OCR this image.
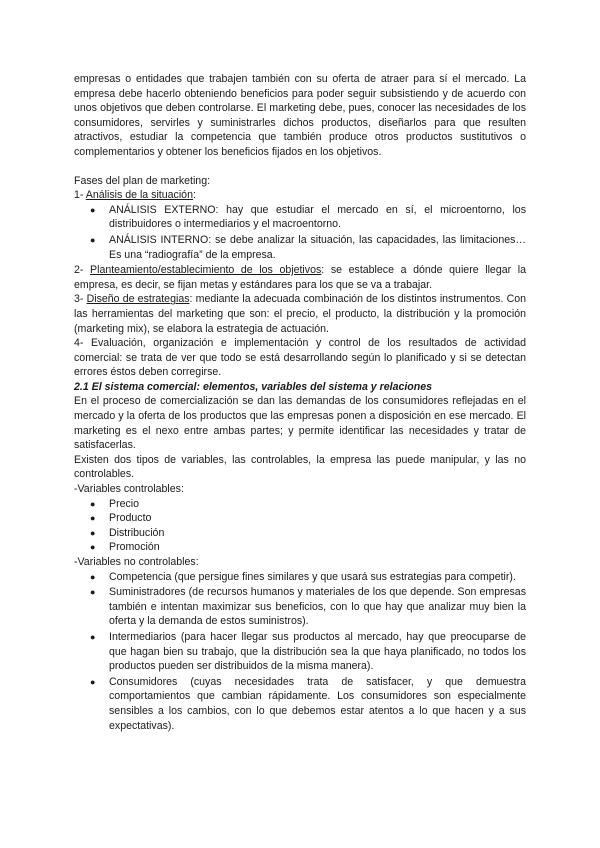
empresas o entidades que trabajen también con su oferta de atraer para sí el mercado. La empresa debe hacerlo obteniendo beneficios para poder seguir subsistiendo y de acuerdo con unos objetivos que deben controlarse. El marketing debe, pues, conocer las necesidades de los consumidores, servirles y suministrarles dichos productos, diseñarlos para que resulten atractivos, estudiar la competencia que también produce otros productos sustitutivos o complementarios y obtener los beneficios fijados en los objetivos.

Fases del plan de marketing:

1- Análisis de la situación:

● ANÁLISIS EXTERNO: hay que estudiar el mercado en sí, el microentorno, los distribuidores o intermediarios y el macroentorno.
● ANÁLISIS INTERNO: se debe analizar la situación, las capacidades, las limitaciones… Es una “radiografía” de la empresa.

2- Planteamiento/establecimiento de los objetivos: se establece a dónde quiere llegar la empresa, es decir, se fijan metas y estándares para los que se va a trabajar.

3- Diseño de estrategias: mediante la adecuada combinación de los distintos instrumentos. Con las herramientas del marketing que son: el precio, el producto, la distribución y la promoción (marketing mix), se elabora la estrategia de actuación.

4- Evaluación, organización e implementación y control de los resultados de actividad comercial: se trata de ver que todo se está desarrollando según lo planificado y si se detectan errores éstos deben corregirse.

2.1 El sistema comercial: elementos, variables del sistema y relaciones

En el proceso de comercialización se dan las demandas de los consumidores reflejadas en el mercado y la oferta de los productos que las empresas ponen a disposición en ese mercado. El marketing es el nexo entre ambas partes; y permite identificar las necesidades y tratar de satisfacerlas.

Existen dos tipos de variables, las controlables, la empresa las puede manipular, y las no controlables.

-Variables controlables:

● Precio
● Producto
● Distribución
● Promoción

-Variables no controlables:

● Competencia (que persigue fines similares y que usará sus estrategias para competir).
● Suministradores (de recursos humanos y materiales de los que depende. Son empresas también e intentan maximizar sus beneficios, con lo que hay que analizar muy bien la oferta y la demanda de estos suministros).
● Intermediarios (para hacer llegar sus productos al mercado, hay que preocuparse de que hagan bien su trabajo, que la distribución sea la que haya planificado, no todos los productos pueden ser distribuidos de la misma manera).
● Consumidores (cuyas necesidades trata de satisfacer, y que demuestra comportamientos que cambian rápidamente. Los consumidores son especialmente sensibles a los cambios, con lo que debemos estar atentos a lo que hacen y a sus expectativas).
